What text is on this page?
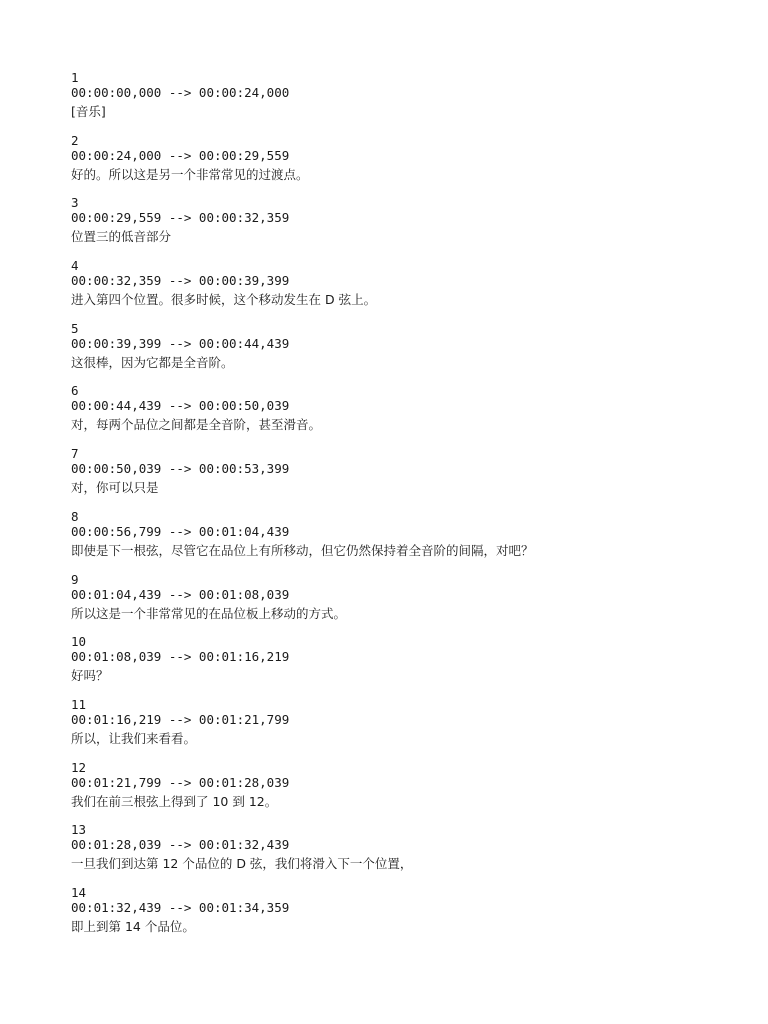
1
00:00:00,000 --> 00:00:24,000
[音乐]
2
00:00:24,000 --> 00:00:29,559
好的。所以这是另一个非常常见的过渡点。
3
00:00:29,559 --> 00:00:32,359
位置三的低音部分
4
00:00:32,359 --> 00:00:39,399
进入第四个位置。很多时候，这个移动发生在 D 弦上。
5
00:00:39,399 --> 00:00:44,439
这很棒，因为它都是全音阶。
6
00:00:44,439 --> 00:00:50,039
对，每两个品位之间都是全音阶，甚至滑音。
7
00:00:50,039 --> 00:00:53,399
对，你可以只是
8
00:00:56,799 --> 00:01:04,439
即使是下一根弦，尽管它在品位上有所移动，但它仍然保持着全音阶的间隔，对吧？
9
00:01:04,439 --> 00:01:08,039
所以这是一个非常常见的在品位板上移动的方式。
10
00:01:08,039 --> 00:01:16,219
好吗？
11
00:01:16,219 --> 00:01:21,799
所以，让我们来看看。
12
00:01:21,799 --> 00:01:28,039
我们在前三根弦上得到了 10 到 12。
13
00:01:28,039 --> 00:01:32,439
一旦我们到达第 12 个品位的 D 弦，我们将滑入下一个位置，
14
00:01:32,439 --> 00:01:34,359
即上到第 14 个品位。
